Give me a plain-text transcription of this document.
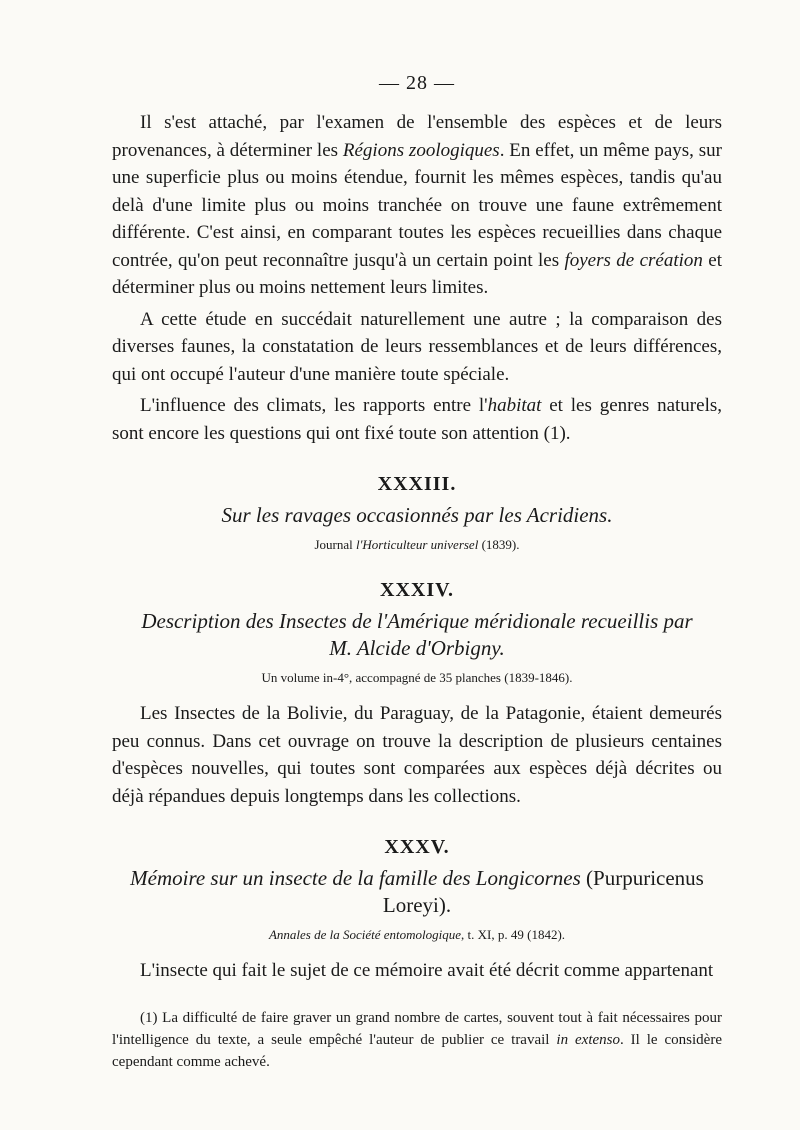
— 28 —

Il s'est attaché, par l'examen de l'ensemble des espèces et de leurs provenances, à déterminer les Régions zoologiques. En effet, un même pays, sur une superficie plus ou moins étendue, fournit les mêmes espèces, tandis qu'au delà d'une limite plus ou moins tranchée on trouve une faune extrêmement différente. C'est ainsi, en comparant toutes les espèces recueillies dans chaque contrée, qu'on peut reconnaître jusqu'à un certain point les foyers de création et déterminer plus ou moins nettement leurs limites.

A cette étude en succédait naturellement une autre ; la comparaison des diverses faunes, la constatation de leurs ressemblances et de leurs différences, qui ont occupé l'auteur d'une manière toute spéciale.

L'influence des climats, les rapports entre l'habitat et les genres naturels, sont encore les questions qui ont fixé toute son attention (1).

XXXIII.
Sur les ravages occasionnés par les Acridiens.
Journal l'Horticulteur universel (1839).
XXXIV.
Description des Insectes de l'Amérique méridionale recueillis par
M. Alcide d'Orbigny.
Un volume in-4°, accompagné de 35 planches (1839-1846).

Les Insectes de la Bolivie, du Paraguay, de la Patagonie, étaient demeurés peu connus. Dans cet ouvrage on trouve la description de plusieurs centaines d'espèces nouvelles, qui toutes sont comparées aux espèces déjà décrites ou déjà répandues depuis longtemps dans les collections.

XXXV.
Mémoire sur un insecte de la famille des Longicornes (Purpuricenus Loreyi).
Annales de la Société entomologique, t. XI, p. 49 (1842).

L'insecte qui fait le sujet de ce mémoire avait été décrit comme appartenant

(1) La difficulté de faire graver un grand nombre de cartes, souvent tout à fait nécessaires pour l'intelligence du texte, a seule empêché l'auteur de publier ce travail in extenso. Il le considère cependant comme achevé.
